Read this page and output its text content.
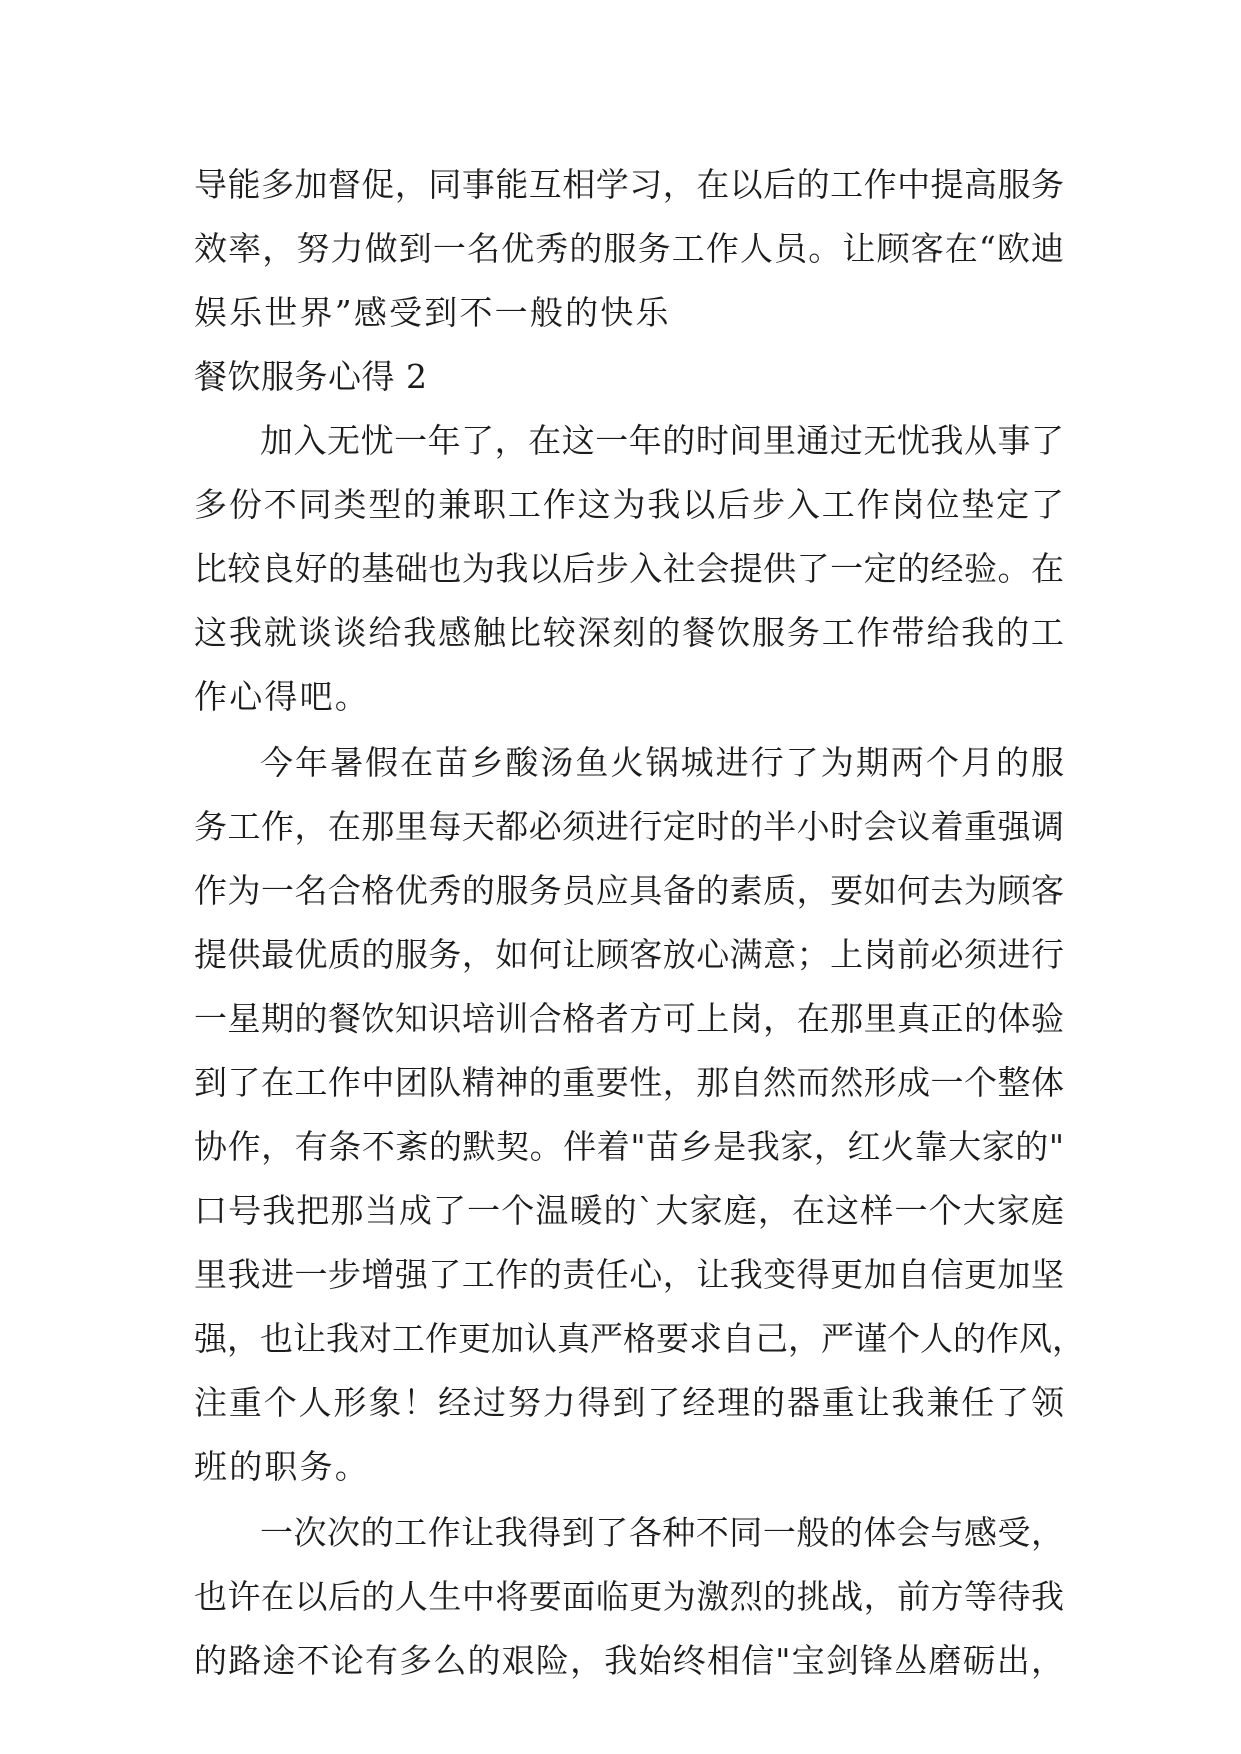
导能多加督促，同事能互相学习，在以后的工作中提高服务
效率，努力做到一名优秀的服务工作人员。让顾客在“欧迪
娱乐世界”感受到不一般的快乐
餐饮服务心得 2
加入无忧一年了，在这一年的时间里通过无忧我从事了
多份不同类型的兼职工作这为我以后步入工作岗位垫定了
比较良好的基础也为我以后步入社会提供了一定的经验。在
这我就谈谈给我感触比较深刻的餐饮服务工作带给我的工
作心得吧。
今年暑假在苗乡酸汤鱼火锅城进行了为期两个月的服
务工作，在那里每天都必须进行定时的半小时会议着重强调
作为一名合格优秀的服务员应具备的素质，要如何去为顾客
提供最优质的服务，如何让顾客放心满意；上岗前必须进行
一星期的餐饮知识培训合格者方可上岗，在那里真正的体验
到了在工作中团队精神的重要性，那自然而然形成一个整体
协作，有条不紊的默契。伴着"苗乡是我家，红火靠大家的"
口号我把那当成了一个温暖的`大家庭，在这样一个大家庭
里我进一步增强了工作的责任心，让我变得更加自信更加坚
强，也让我对工作更加认真严格要求自己，严谨个人的作风，
注重个人形象！经过努力得到了经理的器重让我兼任了领
班的职务。
一次次的工作让我得到了各种不同一般的体会与感受，
也许在以后的人生中将要面临更为激烈的挑战，前方等待我
的路途不论有多么的艰险，我始终相信"宝剑锋丛磨砺出，
